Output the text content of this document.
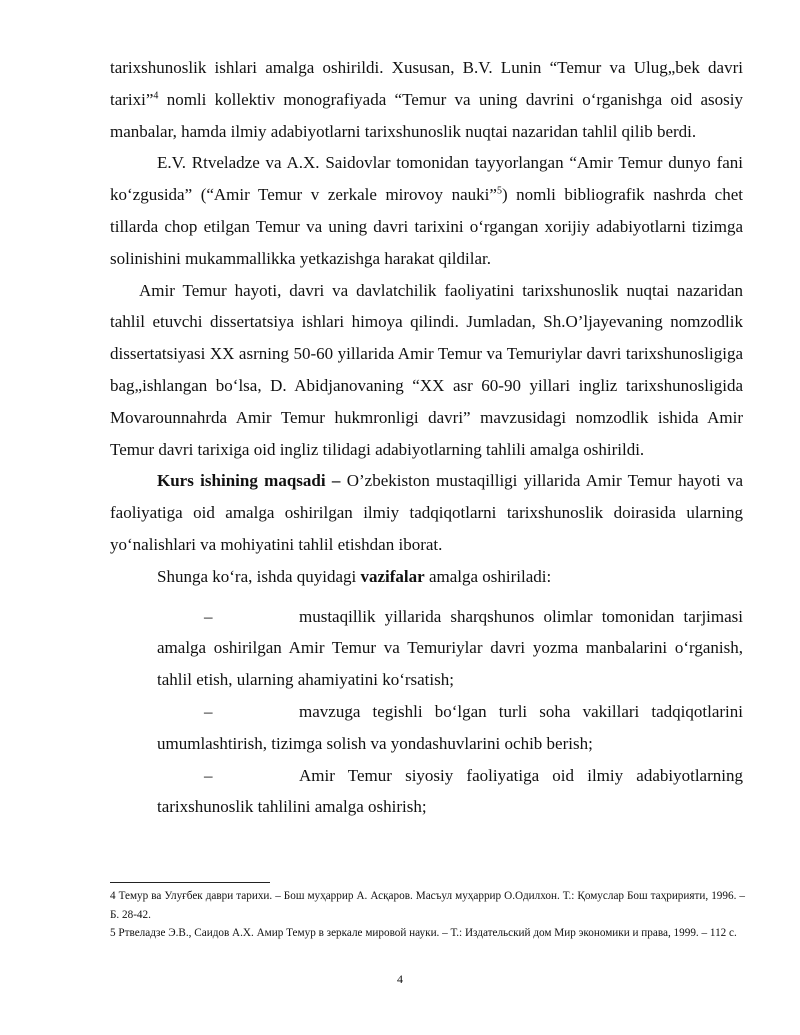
tarixshunoslik ishlari amalga oshirildi. Xususan, B.V. Lunin “Temur va Ulug„bek davri tarixi”$^4$ nomli kollektiv monografiyada “Temur va uning davrini o‘rganishga oid asosiy manbalar, hamda ilmiy adabiyotlarni tarixshunoslik nuqtai nazaridan tahlil qilib berdi.

E.V. Rtveladze va A.X. Saidovlar tomonidan tayyorlangan “Amir Temur dunyo fani ko‘zgusida” (“Amir Temur v zerkale mirovoy nauki”$^5$) nomli bibliografik nashrda chet tillarda chop etilgan Temur va uning davri tarixini o‘rgangan xorijiy adabiyotlarni tizimga solinishini mukammallikka yetkazishga harakat qildilar.

Amir Temur hayoti, davri va davlatchilik faoliyatini tarixshunoslik nuqtai nazaridan tahlil etuvchi dissertatsiya ishlari himoya qilindi. Jumladan, Sh.O’ljayevaning nomzodlik dissertatsiyasi XX asrning 50-60 yillarida Amir Temur va Temuriylar davri tarixshunosligiga bag„ishlangan bo‘lsa, D. Abidjanovaning “XX asr 60-90 yillari ingliz tarixshunosligida Movarounnahrda Amir Temur hukmronligi davri” mavzusidagi nomzodlik ishida Amir Temur davri tarixiga oid ingliz tilidagi adabiyotlarning tahlili amalga oshirildi.

Kurs ishining maqsadi – O’zbekiston mustaqilligi yillarida Amir Temur hayoti va faoliyatiga oid amalga oshirilgan ilmiy tadqiqotlarni tarixshunoslik doirasida ularning yo‘nalishlari va mohiyatini tahlil etishdan iborat.

Shunga ko‘ra, ishda quyidagi vazifalar amalga oshiriladi:

–	mustaqillik yillarida sharqshunos olimlar tomonidan tarjimasi amalga oshirilgan Amir Temur va Temuriylar davri yozma manbalarini o‘rganish, tahlil etish, ularning ahamiyatini ko‘rsatish;

–	mavzuga tegishli bo‘lgan turli soha vakillari tadqiqotlarini umumlashtirish, tizimga solish va yondashuvlarini ochib berish;

–	Amir Temur siyosiy faoliyatiga oid ilmiy adabiyotlarning tarixshunoslik tahlilini amalga oshirish;

4 Темур ва Улуғбек даври тарихи. – Бош муҳаррир А. Асқаров. Масъул муҳаррир О.Одилхон. Т.: Қомуслар Бош таҳририяти, 1996. – Б. 28-42.

5 Ртвеладзе Э.В., Саидов А.Х. Амир Темур в зеркале мировой науки. – Т.: Издательский дом Мир экономики и права, 1999. – 112 с.

4
